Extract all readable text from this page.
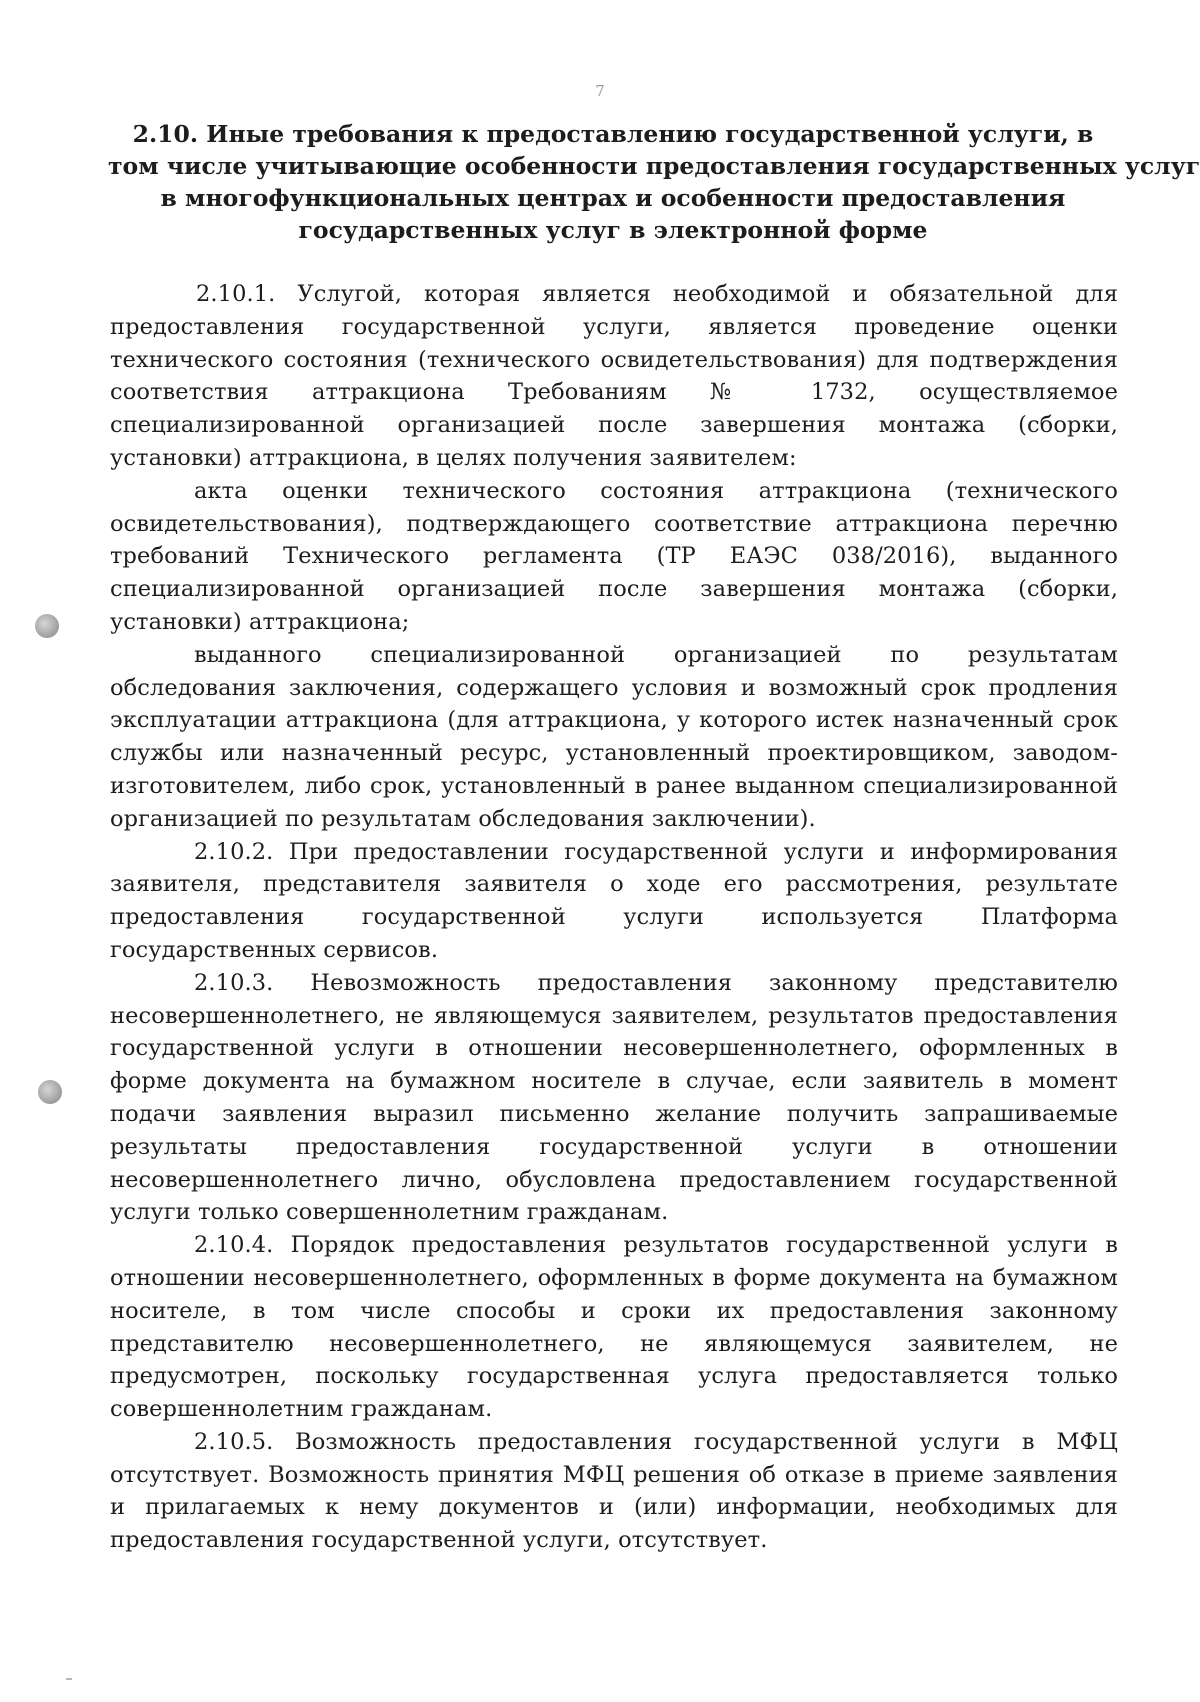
7
2.10. Иные требования к предоставлению государственной услуги, в
том числе учитывающие особенности предоставления государственных услуг
в многофункциональных центрах и особенности предоставления
государственных услуг в электронной форме

2.10.1. Услугой, которая является необходимой и обязательной для предоставления государственной услуги, является проведение оценки технического состояния (технического освидетельствования) для подтверждения соответствия аттракциона Требованиям № 1732, осуществляемое специализированной организацией после завершения монтажа (сборки, установки) аттракциона, в целях получения заявителем:

акта оценки технического состояния аттракциона (технического освидетельствования), подтверждающего соответствие аттракциона перечню требований Технического регламента (ТР ЕАЭС 038/2016), выданного специализированной организацией после завершения монтажа (сборки, установки) аттракциона;

выданного специализированной организацией по результатам обследования заключения, содержащего условия и возможный срок продления эксплуатации аттракциона (для аттракциона, у которого истек назначенный срок службы или назначенный ресурс, установленный проектировщиком, заводом-изготовителем, либо срок, установленный в ранее выданном специализированной организацией по результатам обследования заключении).

2.10.2. При предоставлении государственной услуги и информирования заявителя, представителя заявителя о ходе его рассмотрения, результате предоставления государственной услуги используется Платформа государственных сервисов.

2.10.3. Невозможность предоставления законному представителю несовершеннолетнего, не являющемуся заявителем, результатов предоставления государственной услуги в отношении несовершеннолетнего, оформленных в форме документа на бумажном носителе в случае, если заявитель в момент подачи заявления выразил письменно желание получить запрашиваемые результаты предоставления государственной услуги в отношении несовершеннолетнего лично, обусловлена предоставлением государственной услуги только совершеннолетним гражданам.

2.10.4. Порядок предоставления результатов государственной услуги в отношении несовершеннолетнего, оформленных в форме документа на бумажном носителе, в том числе способы и сроки их предоставления законному представителю несовершеннолетнего, не являющемуся заявителем, не предусмотрен, поскольку государственная услуга предоставляется только совершеннолетним гражданам.

2.10.5. Возможность предоставления государственной услуги в МФЦ отсутствует. Возможность принятия МФЦ решения об отказе в приеме заявления и прилагаемых к нему документов и (или) информации, необходимых для предоставления государственной услуги, отсутствует.
